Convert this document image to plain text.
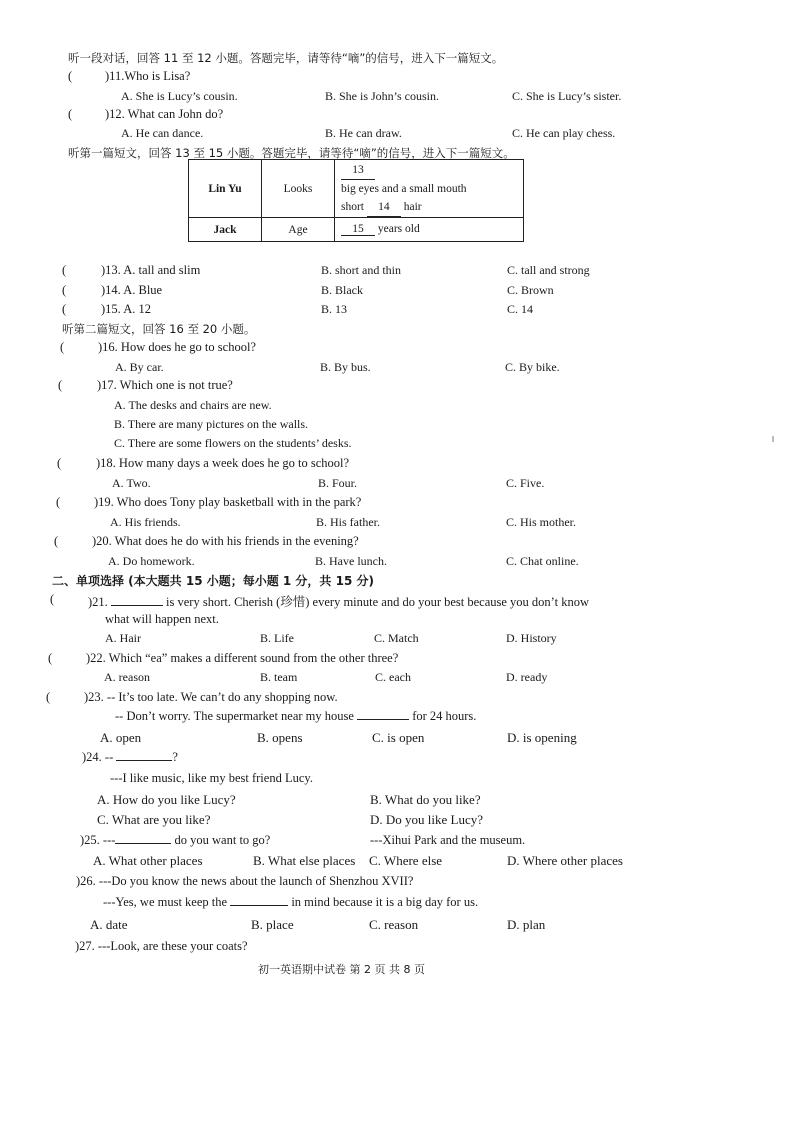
听一段对话，回答 11 至 12 小题。答题完毕，请等待“嘀”的信号，进入下一篇短文。
(	)11.Who is Lisa?
A. She is Lucy’s cousin.	B. She is John’s cousin.	C. She is Lucy’s sister.
(	)12. What can John do?
A. He can dance.	B. He can draw.	C. He can play chess.
听第一篇短文，回答 13 至 15 小题。答题完毕，请等待“嘀”的信号，进入下一篇短文。
Lin Yu	Looks	13
big eyes and a small mouth
short 14 hair

Jack	Age	15 years old
(	)13. A. tall and slim	B. short and thin	C. tall and strong
(	)14. A. Blue	B. Black	C. Brown
(	)15. A. 12	B. 13	C. 14
听第二篇短文，回答 16 至 20 小题。
(	)16. How does he go to school?
A. By car.	B. By bus.	C. By bike.
(	)17. Which one is not true?
A. The desks and chairs are new.
B. There are many pictures on the walls.
C. There are some flowers on the students’ desks.
(	)18. How many days a week does he go to school?
A. Two.	B. Four.	C. Five.
(	)19. Who does Tony play basketball with in the park?
A. His friends.	B. His father.	C. His mother.
(	)20. What does he do with his friends in the evening?
A. Do homework.	B. Have lunch.	C. Chat online.
二、单项选择 (本大题共 15 小题；每小题 1 分，共 15 分)
(	)21.	is very short. Cherish (珍惜) every minute and do your best because you don’t know
what will happen next.
A. Hair	B. Life	C. Match	D. History
(	)22. Which “ea” makes a different sound from the other three?
A. reason	B. team	C. each	D. ready
(	)23. -- It’s too late. We can’t do any shopping now.
-- Don’t worry. The supermarket near my house	for 24 hours.
A. open	B. opens	C. is open	D. is opening
)24. --	?
---I like music, like my best friend Lucy.
A. How do you like Lucy?	B. What do you like?
C. What are you like?	D. Do you like Lucy?
)25. ---	do you want to go?	---Xihui Park and the museum.
A. What other places	B. What else places C. Where else	D. Where other places
)26. ---Do you know the news about the launch of Shenzhou XVII?
---Yes, we must keep the	in mind because it is a big day for us.
A. date	B. place	C. reason	D. plan
)27. ---Look, are these your coats?
初一英语期中试卷 第 2 页 共 8 页
